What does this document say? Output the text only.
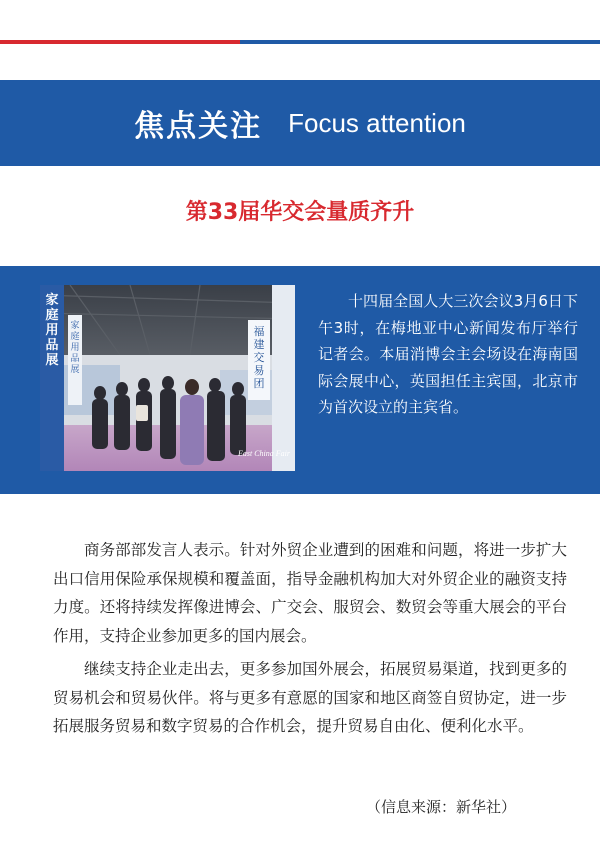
焦点关注 Focus attention
第33届华交会量质齐升
家庭用品展
家庭用品展
福建交易团
East China Fair
十四届全国人大三次会议3月6日下午3时，在梅地亚中心新闻发布厅举行记者会。本届消博会主会场设在海南国际会展中心，英国担任主宾国，北京市为首次设立的主宾省。

商务部部发言人表示。针对外贸企业遭到的困难和问题，将进一步扩大出口信用保险承保规模和覆盖面，指导金融机构加大对外贸企业的融资支持力度。还将持续发挥像进博会、广交会、服贸会、数贸会等重大展会的平台作用，支持企业参加更多的国内展会。

继续支持企业走出去，更多参加国外展会，拓展贸易渠道，找到更多的贸易机会和贸易伙伴。将与更多有意愿的国家和地区商签自贸协定，进一步拓展服务贸易和数字贸易的合作机会，提升贸易自由化、便利化水平。

（信息来源：新华社）
